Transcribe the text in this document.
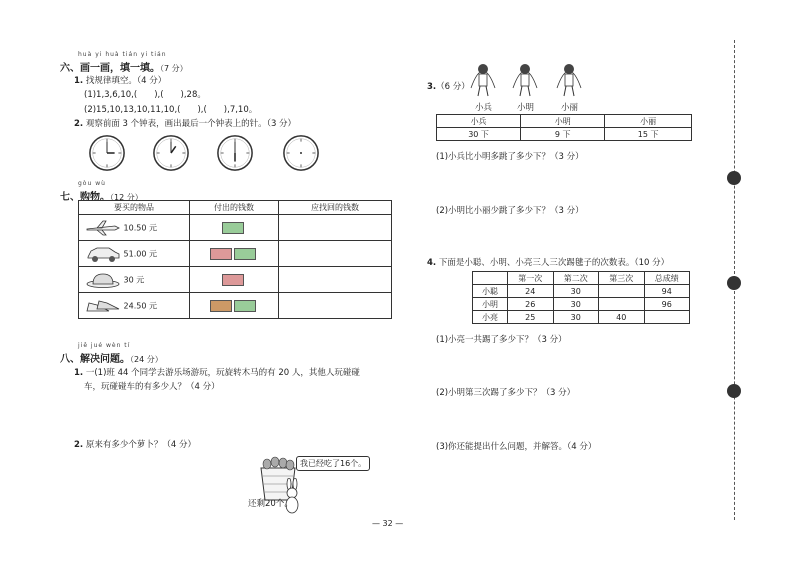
huà yi huà tián yi tián
六、画一画，填一填。（7 分）
1. 找规律填空。（4 分）
(1)1,3,6,10,(　　),(　　),28。
(2)15,10,13,10,11,10,(　　),(　　),7,10。
2. 观察前面 3 个钟表，画出最后一个钟表上的针。（3 分）
gòu wù
七、购物。（12 分）
要买的物品	付出的钱数	应找回的钱数
10.50 元		
51.00 元		
30 元		
24.50 元		
jiě jué wèn tí
八、解决问题。（24 分）
1. 一(1)班 44 个同学去游乐场游玩，玩旋转木马的有 20 人，其他人玩碰碰
车，玩碰碰车的有多少人？（4 分）
2. 原来有多少个萝卜？（4 分）
我已经吃了16个。
还剩20个。
3.（6 分）
小兵	小明	小丽
小兵	小明	小丽
30 下	9 下	15 下
(1)小兵比小明多跳了多少下？（3 分）
(2)小明比小丽少跳了多少下？（3 分）
4. 下面是小聪、小明、小亮三人三次踢毽子的次数表。（10 分）
	第一次	第二次	第三次	总成绩
小聪	24	30		94
小明	26	30		96
小亮	25	30	40	
(1)小亮一共踢了多少下？（3 分）
(2)小明第三次踢了多少下？（3 分）
(3)你还能提出什么问题，并解答。（4 分）
— 32 —
